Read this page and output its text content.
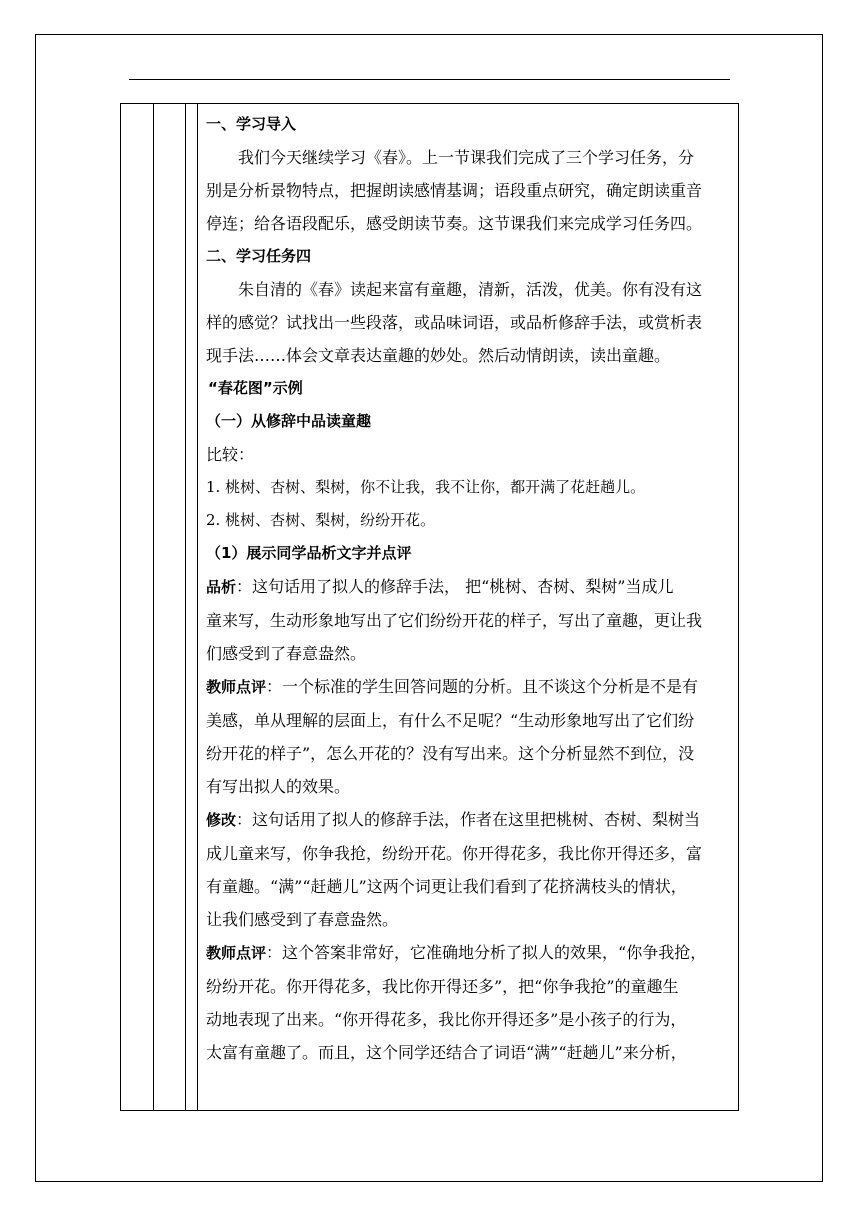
一、学习导入
我们今天继续学习《春》。上一节课我们完成了三个学习任务，分
别是分析景物特点，把握朗读感情基调；语段重点研究，确定朗读重音
停连；给各语段配乐，感受朗读节奏。这节课我们来完成学习任务四。
二、学习任务四
朱自清的《春》读起来富有童趣，清新，活泼，优美。你有没有这
样的感觉？试找出一些段落，或品味词语，或品析修辞手法，或赏析表
现手法……体会文章表达童趣的妙处。然后动情朗读，读出童趣。
“春花图”示例
（一）从修辞中品读童趣
比较：
1. 桃树、杏树、梨树，你不让我，我不让你，都开满了花赶趟儿。
2. 桃树、杏树、梨树，纷纷开花。
（1）展示同学品析文字并点评
品析：这句话用了拟人的修辞手法， 把“桃树、杏树、梨树”当成儿
童来写，生动形象地写出了它们纷纷开花的样子，写出了童趣，更让我
们感受到了春意盎然。
教师点评：一个标准的学生回答问题的分析。且不谈这个分析是不是有
美感，单从理解的层面上，有什么不足呢？“生动形象地写出了它们纷
纷开花的样子”，怎么开花的？没有写出来。这个分析显然不到位，没
有写出拟人的效果。
修改：这句话用了拟人的修辞手法，作者在这里把桃树、杏树、梨树当
成儿童来写，你争我抢，纷纷开花。你开得花多，我比你开得还多，富
有童趣。“满”“赶趟儿”这两个词更让我们看到了花挤满枝头的情状，
让我们感受到了春意盎然。
教师点评：这个答案非常好，它准确地分析了拟人的效果，“你争我抢，
纷纷开花。你开得花多，我比你开得还多”，把“你争我抢”的童趣生
动地表现了出来。“你开得花多，我比你开得还多”是小孩子的行为，
太富有童趣了。而且，这个同学还结合了词语“满”“赶趟儿”来分析，
